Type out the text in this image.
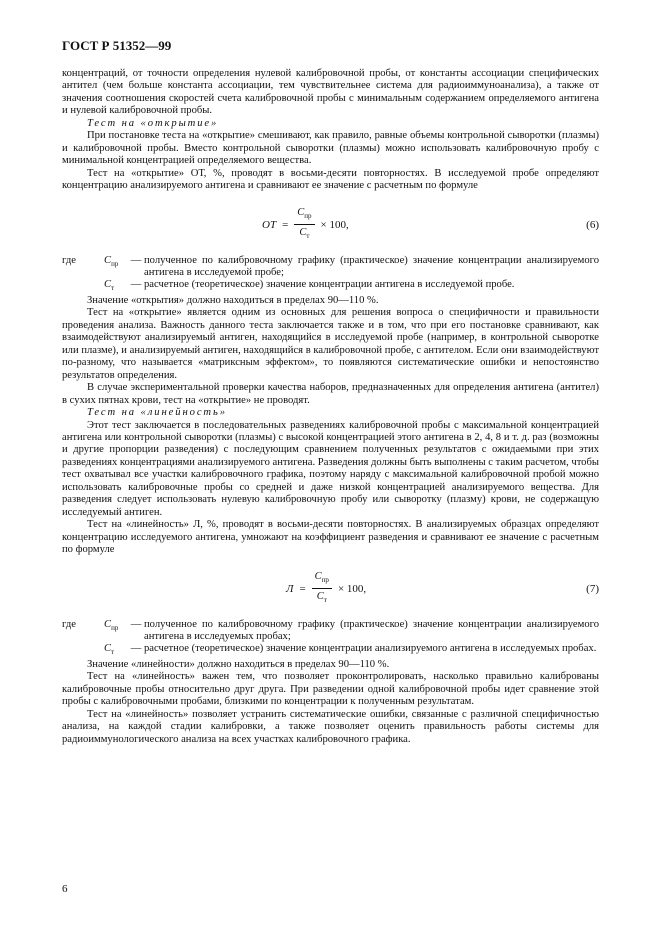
ГОСТ Р 51352—99

концентраций, от точности определения нулевой калибровочной пробы, от константы ассоциации специфических антител (чем больше константа ассоциации, тем чувствительнее система для радиоиммуноанализа), а также от значения соотношения скоростей счета калибровочной пробы с минимальным содержанием определяемого антигена и нулевой калибровочной пробы.

Тест на «открытие»

При постановке теста на «открытие» смешивают, как правило, равные объемы контрольной сыворотки (плазмы) и калибровочной пробы. Вместо контрольной сыворотки (плазмы) можно использовать калибровочную пробу с минимальной концентрацией определяемого вещества.

Тест на «открытие» ОТ, %, проводят в восьми-десяти повторностях. В исследуемой пробе определяют концентрацию анализируемого антигена и сравнивают ее значение с расчетным по формуле

ОТ = $\frac{C_{пр}}{C_т} \times 100$,	(6)
где	$C_{пр}$	— полученное по калибровочному графику (практическое) значение концентрации анализируемого антигена в исследуемой пробе;
$C_т$	— расчетное (теоретическое) значение концентрации антигена в исследуемой пробе.

Значение «открытия» должно находиться в пределах 90—110 %.

Тест на «открытие» является одним из основных для решения вопроса о специфичности и правильности проведения анализа. Важность данного теста заключается также и в том, что при его постановке сравнивают, как взаимодействуют анализируемый антиген, находящийся в исследуемой пробе (например, в контрольной сыворотке или плазме), и анализируемый антиген, находящийся в калибровочной пробе, с антителом. Если они взаимодействуют по-разному, что называется «матриксным эффектом», то появляются систематические ошибки и непостоянство результатов определения.

В случае экспериментальной проверки качества наборов, предназначенных для определения антигена (антител) в сухих пятнах крови, тест на «открытие» не проводят.

Тест на «линейность»

Этот тест заключается в последовательных разведениях калибровочной пробы с максимальной концентрацией антигена или контрольной сыворотки (плазмы) с высокой концентрацией этого антигена в 2, 4, 8 и т. д. раз (возможны и другие пропорции разведения) с последующим сравнением полученных результатов с ожидаемыми при этих разведениях концентрациями анализируемого антигена. Разведения должны быть выполнены с таким расчетом, чтобы тест охватывал все участки калибровочного графика, поэтому наряду с максимальной калибровочной пробой можно использовать калибровочные пробы со средней и даже низкой концентрацией анализируемого вещества. Для разведения следует использовать нулевую калибровочную пробу или сыворотку (плазму) крови, не содержащую исследуемый антиген.

Тест на «линейность» Л, %, проводят в восьми-десяти повторностях. В анализируемых образцах определяют концентрацию исследуемого антигена, умножают на коэффициент разведения и сравнивают ее значение с расчетным по формуле

$Л = \frac{C_{пр}}{C_т} \times 100$,	(7)
где	$C_{пр}$	— полученное по калибровочному графику (практическое) значение концентрации анализируемого антигена в исследуемых пробах;
$C_т$	— расчетное (теоретическое) значение концентрации анализируемого антигена в исследуемых пробах.

Значение «линейности» должно находиться в пределах 90—110 %.

Тест на «линейность» важен тем, что позволяет проконтролировать, насколько правильно калиброваны калибровочные пробы относительно друг друга. При разведении одной калибровочной пробы идет сравнение этой пробы с калибровочными пробами, близкими по концентрации к полученным результатам.

Тест на «линейность» позволяет устранить систематические ошибки, связанные с различной специфичностью анализа, на каждой стадии калибровки, а также позволяет оценить правильность работы системы для радиоиммунологического анализа на всех участках калибровочного графика.

6
